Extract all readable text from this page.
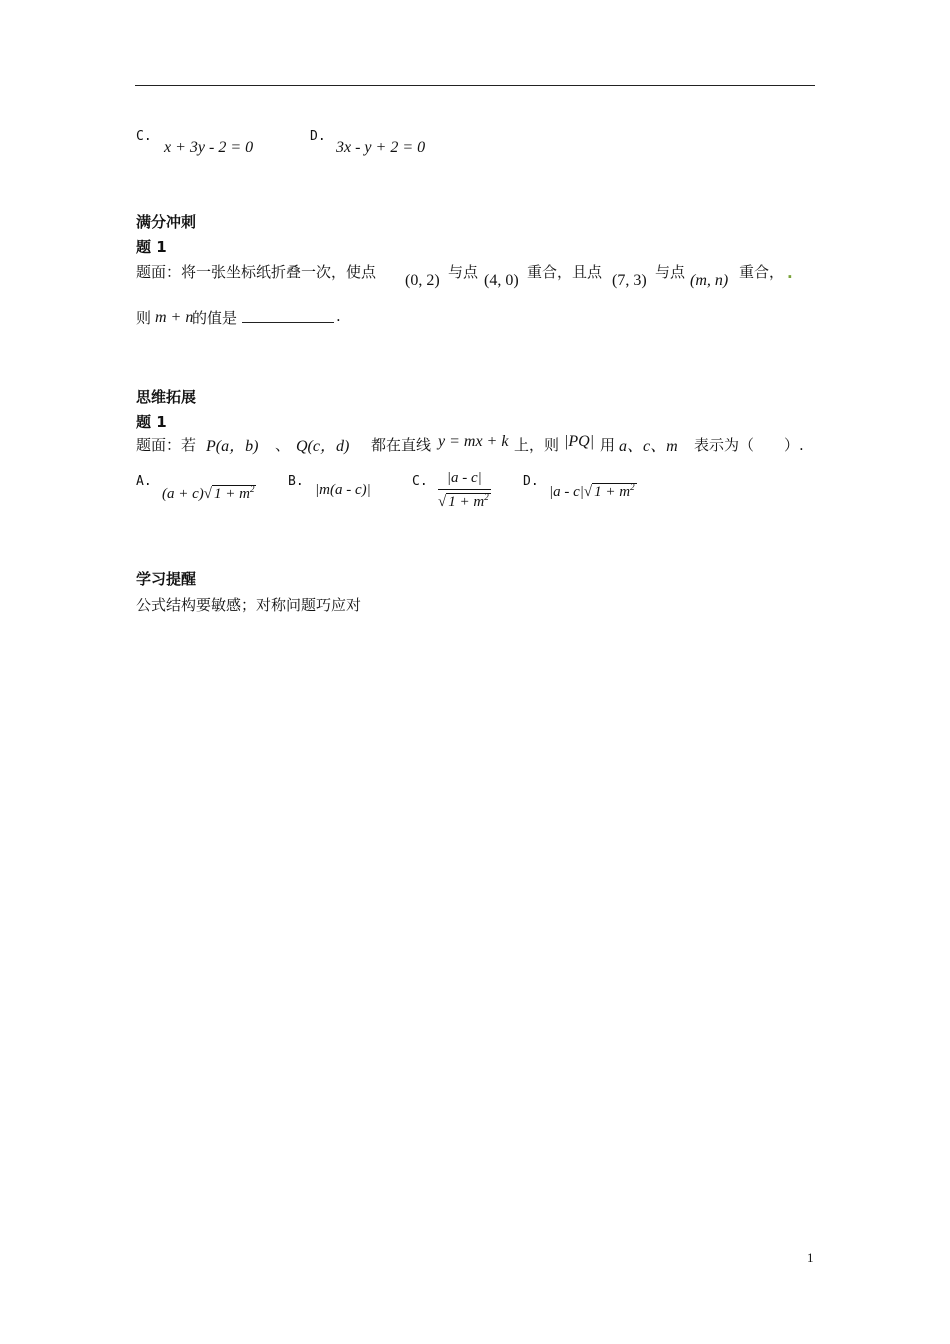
C.
x + 3y - 2 = 0
D.
3x - y + 2 = 0
满分冲刺
题 1
题面：将一张坐标纸折叠一次，使点 (0, 2) 与点 (4, 0) 重合，且点 (7, 3) 与点 (m, n) 重合， .
则 m + n
的值是	.
思维拓展
题 1
题面：若 P(a，b) 、 Q(c，d) 都在直线 y = mx + k 上，则 |PQ| 用 a、c、m 表示为（　　）.
A.
(a + c)√ $1 + m^2$	B.
|m(a - c)|
C. $\frac{|a - c|}{√ 1 + m^2} D$.
|a - c|√ $1 + m^2$
学习提醒
公式结构要敏感；对称问题巧应对
1
